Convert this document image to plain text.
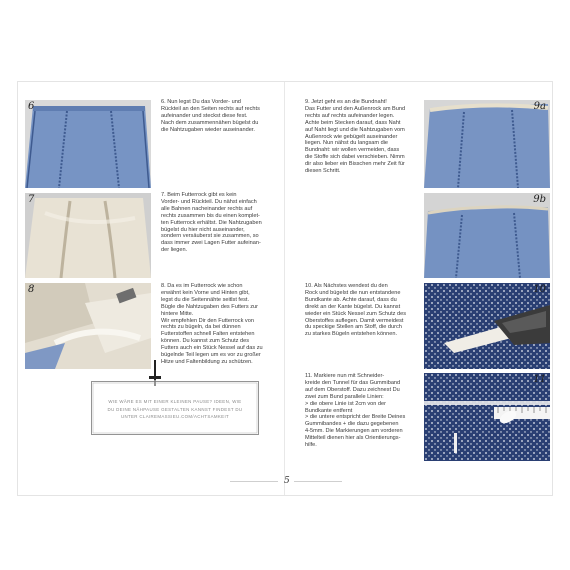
6	6. Nun legst Du das Vorder- und
Rückteil an den Seiten rechts auf rechts
aufeinander und steckst diese fest.
Nach dem zusammennähen bügelst du
die Nahtzugaben wieder auseinander.
7	7. Beim Futterrock gibt es kein
Vorder- und Rückteil. Du nähst einfach
alle Bahnen nacheinander rechts auf
rechts zusammen bis du einen komplet-
ten Futterrock erhältst. Die Nahtzugaben
bügelst du hier nicht auseinander,
sondern versäuberst sie zusammen, so
dass immer zwei Lagen Futter aufeinan-
der liegen.
8	8. Da es im Futterrock wie schon
erwähnt kein Vorne und Hinten gibt,
legst du die Seitennähte seitlst fest.
Bügle die Nahtzugaben des Futters zur
hintere Mitte.
Wir empfehlen Dir den Futterrock von
rechts zu bügeln, da bei dünnen
Futterstoffen schnell Falten entstehen
können. Du kannst zum Schutz des
Futters auch ein Stück Nessel auf das zu
bügelnde Teil legen um es vor zu großer
Hitze und Faltenbildung zu schützen.
WIE WÄRE ES MIT EINER KLEINEN PAUSE? IDEEN, WIE
DU DEINE NÄHPAUSE GESTALTEN KANNST FINDEST DU
UNTER CLAIREMASSIEU.COM/ACHTSAMKEIT
9. Jetzt geht es an die Bundnaht!
Das Futter und den Außenrock am Bund
rechts auf rechts aufeinander legen.
Achte beim Stecken darauf, dass Naht
auf Naht liegt und die Nahtzugaben vom
Außenrock wie gebügelt auseinander
liegen. Nun nähst du langsam die
Bundnaht: wir wollen vermeiden, dass
die Stoffe sich dabei verschieben. Nimm
dir also lieber ein Bisschen mehr Zeit für
diesen Schritt.
9a
9b
10. Als Nächstes wendest du den
Rock und bügelst die nun entstandene
Bundkante ab. Achte darauf, dass du
direkt an der Kante bügelst. Du kannst
wieder ein Stück Nessel zum Schutz des
Oberstoffes auflegen. Damit vermeidest
du speckige Stellen am Stoff, die durch
zu starkes Bügeln entstehen können.
10
11. Markiere nun mit Schneider-
kreide den Tunnel für das Gummiband
auf dem Oberstoff. Dazu zeichnest Du
zwei zum Bund parallele Linien:
> die obere Linie ist 2cm von der
Bundkante entfernt
> die untere entspricht der Breite Deines
Gummibandes + die dazu gegebenen
4-5mm. Die Markierungen am vorderen
Mittelteil dienen hier als Orientierungs-
hilfe.
11
5
